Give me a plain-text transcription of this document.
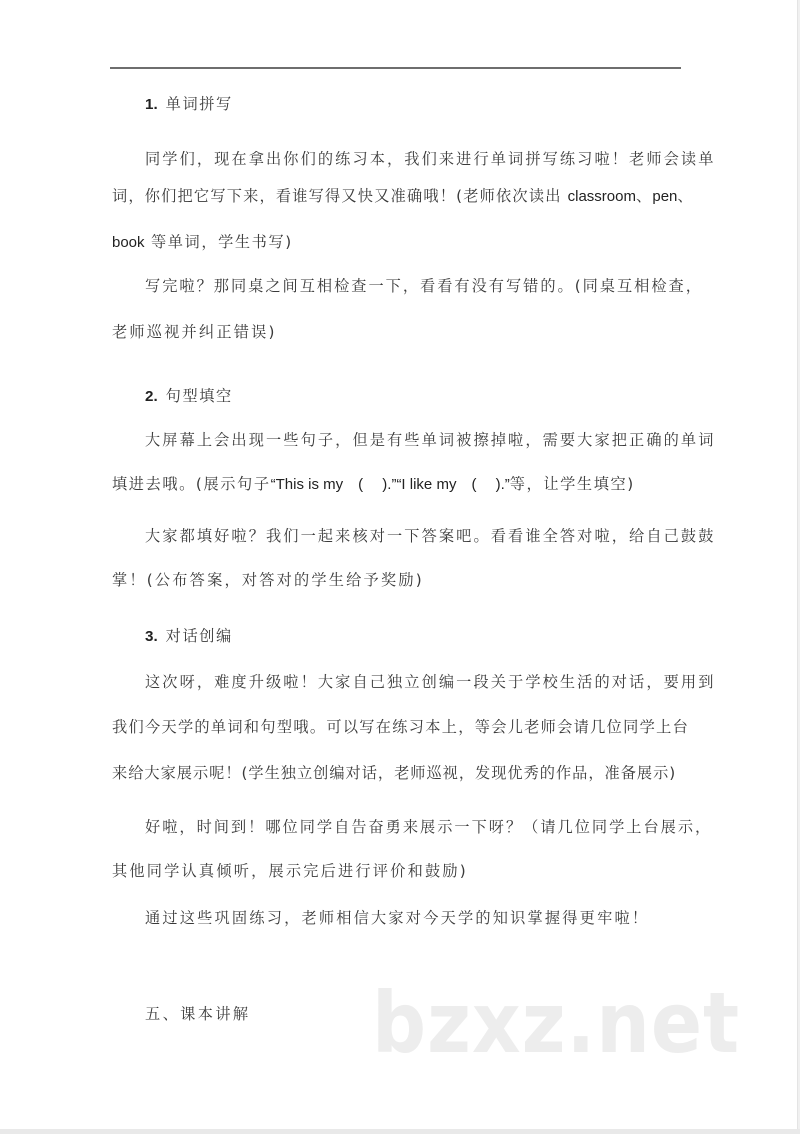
1. 单词拼写
同学们，现在拿出你们的练习本，我们来进行单词拼写练习啦！老师会读单
词，你们把它写下来，看谁写得又快又准确哦！(老师依次读出 classroom、pen、
book 等单词，学生书写)
写完啦？那同桌之间互相检查一下，看看有没有写错的。(同桌互相检查，
老师巡视并纠正错误)
2. 句型填空
大屏幕上会出现一些句子，但是有些单词被擦掉啦，需要大家把正确的单词
填进去哦。(展示句子“This is my　(　 ).”“I like my　(　 ).”等，让学生填空)
大家都填好啦？我们一起来核对一下答案吧。看看谁全答对啦，给自己鼓鼓
掌！(公布答案，对答对的学生给予奖励)
3. 对话创编
这次呀，难度升级啦！大家自己独立创编一段关于学校生活的对话，要用到
我们今天学的单词和句型哦。可以写在练习本上，等会儿老师会请几位同学上台
来给大家展示呢！(学生独立创编对话，老师巡视，发现优秀的作品，准备展示)
好啦，时间到！哪位同学自告奋勇来展示一下呀？（请几位同学上台展示，
其他同学认真倾听，展示完后进行评价和鼓励)
通过这些巩固练习，老师相信大家对今天学的知识掌握得更牢啦！
五、课本讲解 bzxz.net
